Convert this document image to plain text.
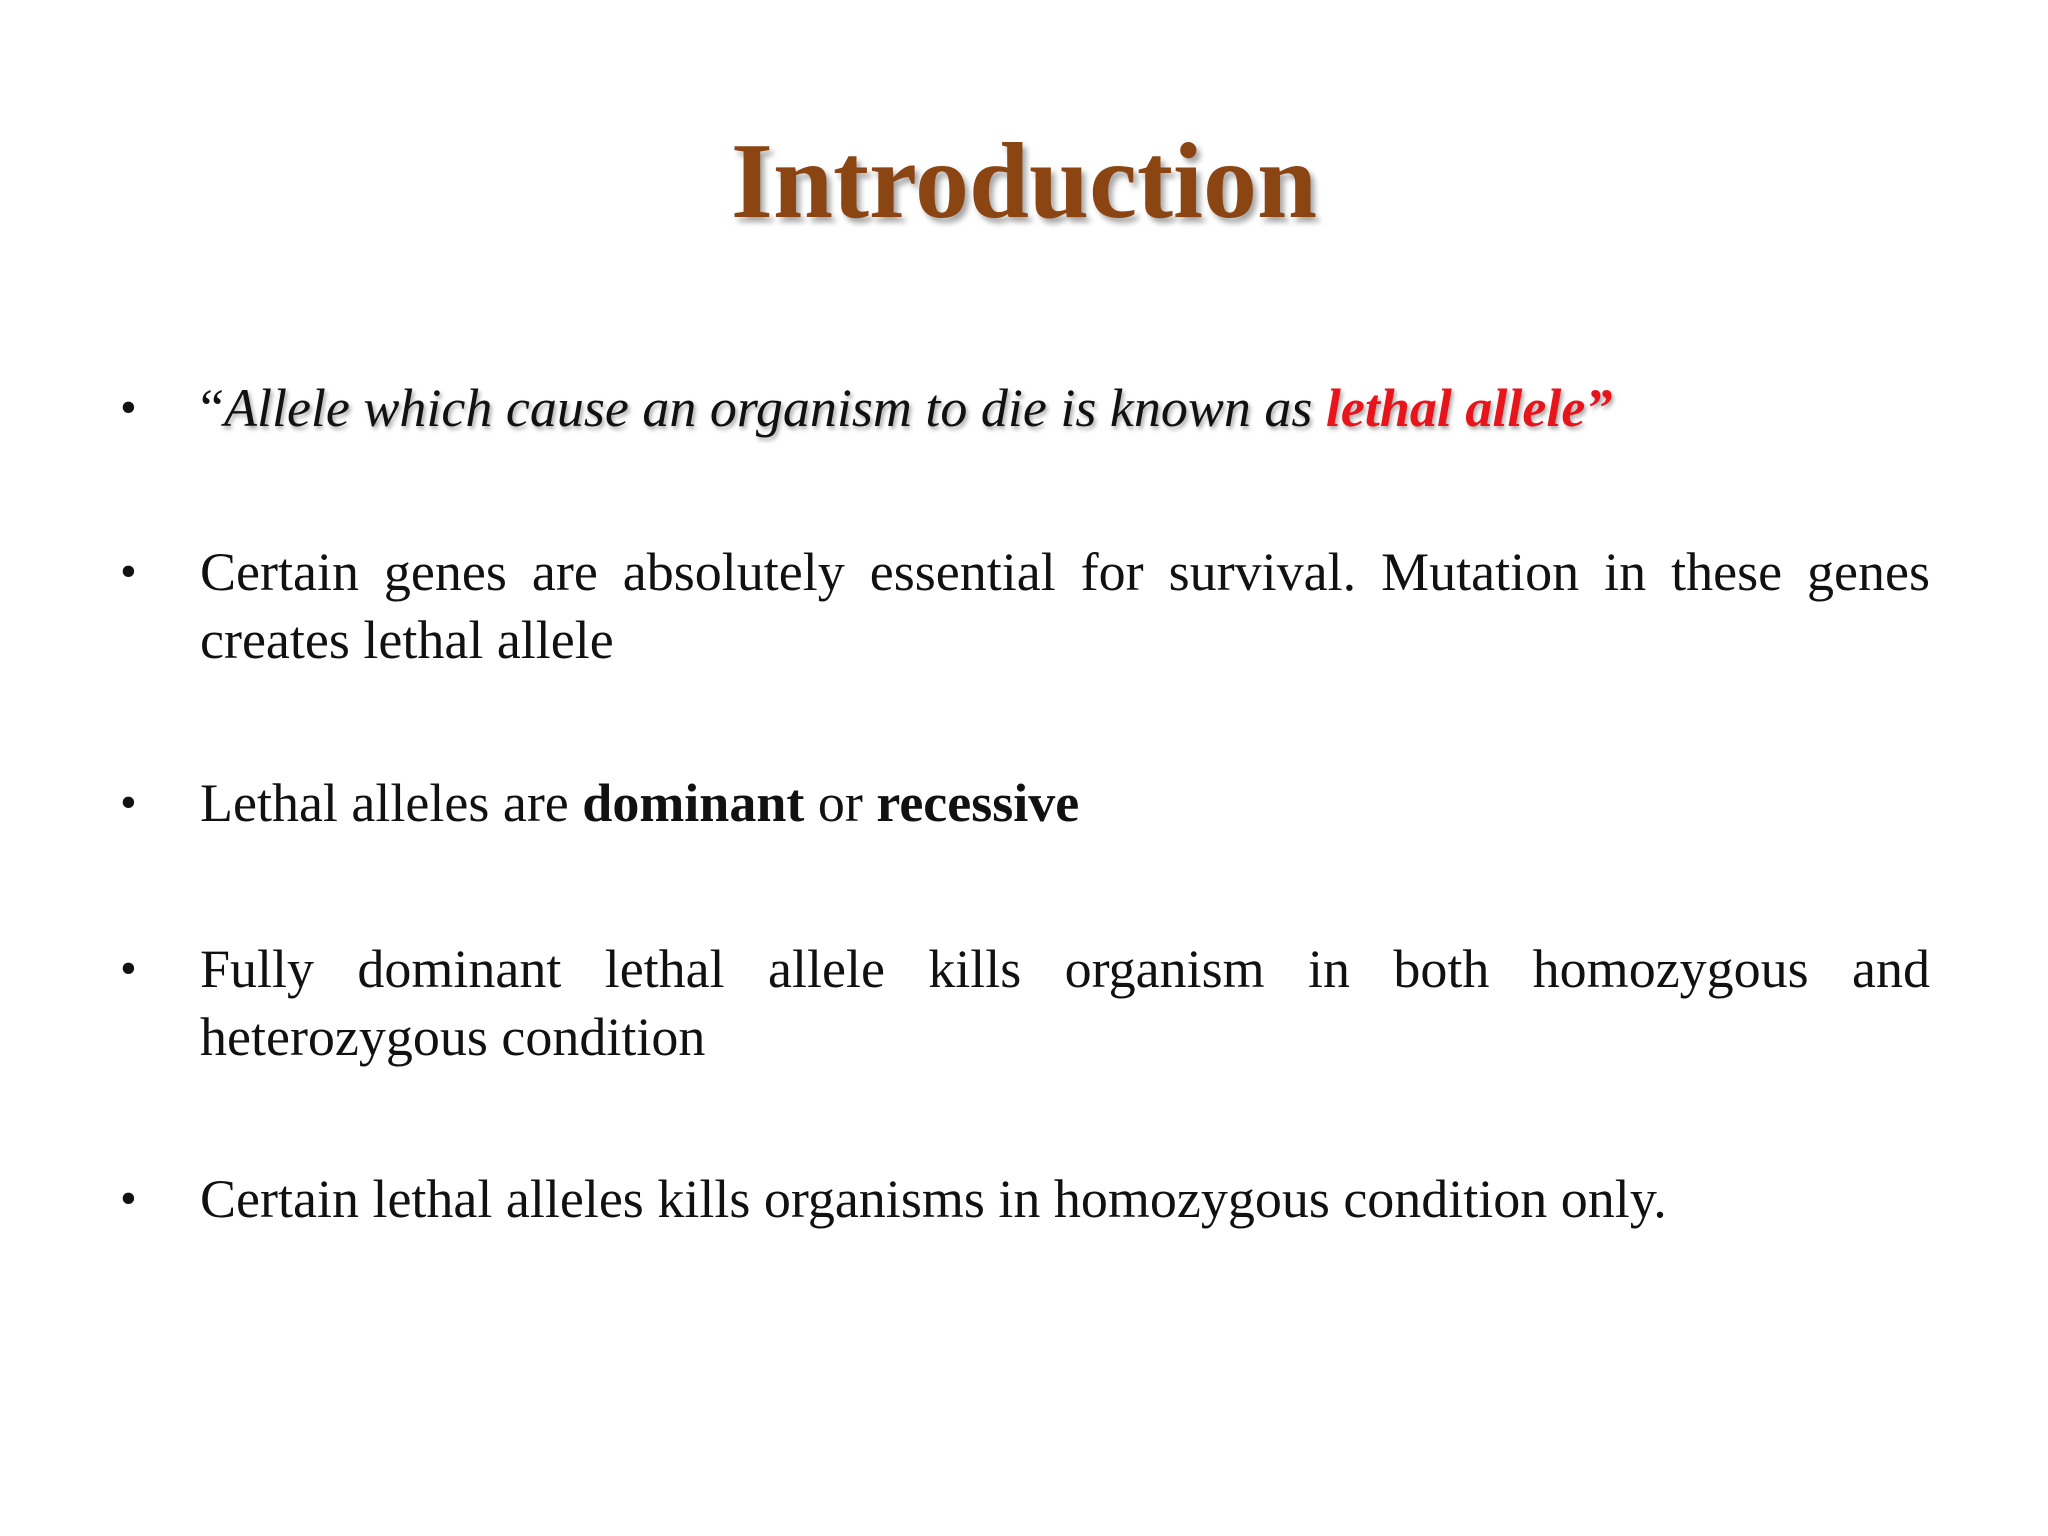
Introduction
•	“Allele which cause an organism to die is known as lethal allele”
•	Certain genes are absolutely essential for survival. Mutation in these genes creates lethal allele
•	Lethal alleles are dominant or recessive
•	Fully dominant lethal allele kills organism in both homozygous and heterozygous condition
•	Certain lethal alleles kills organisms in homozygous condition only.
